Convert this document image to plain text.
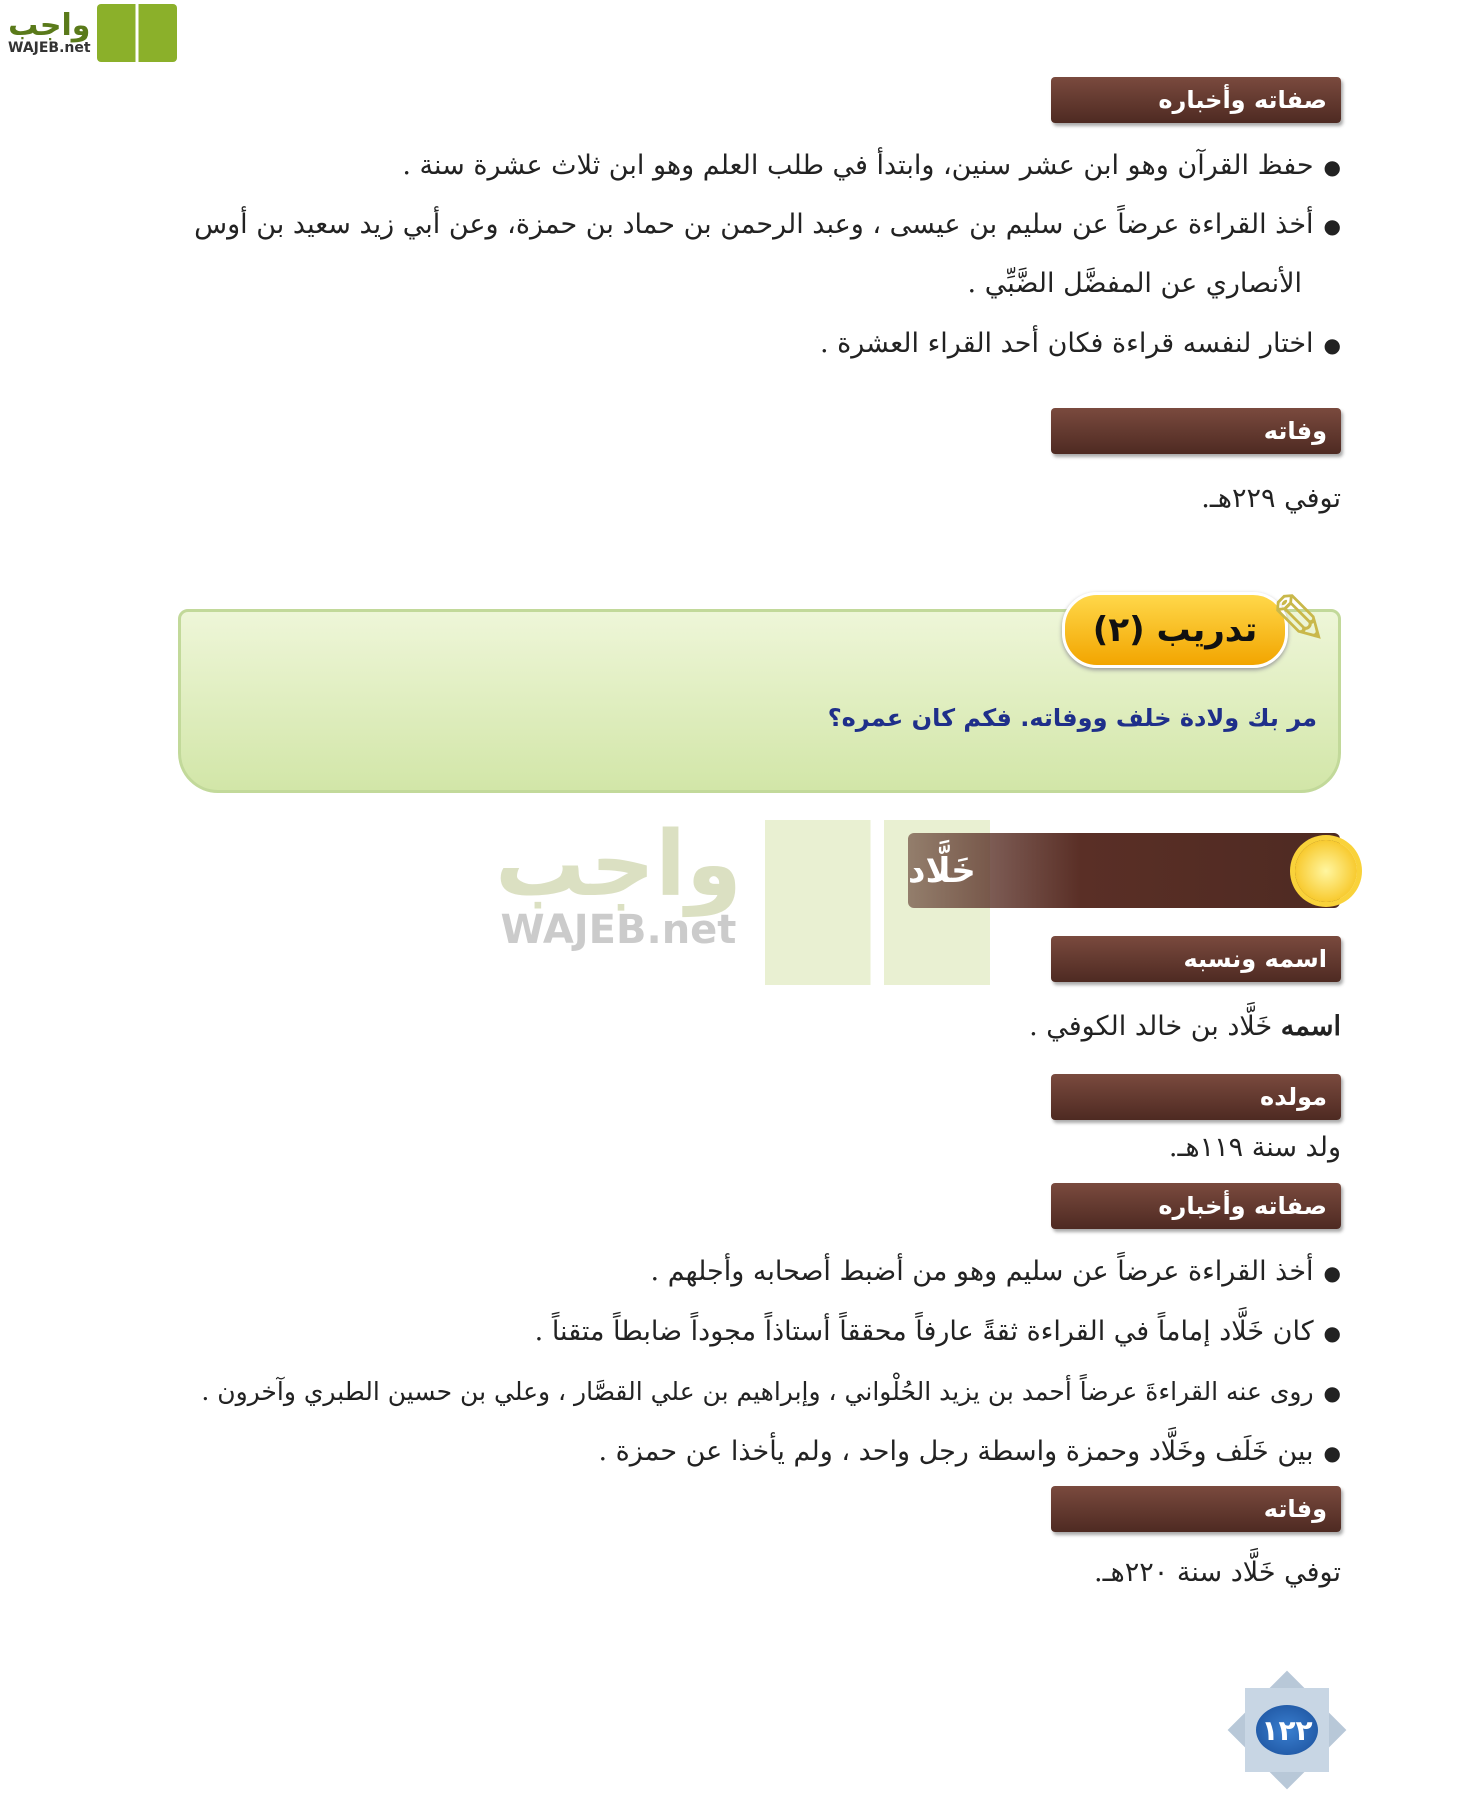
واجب
WAJEB.net
صفاته وأخباره
● حفظ القرآن وهو ابن عشر سنين، وابتدأ في طلب العلم وهو ابن ثلاث عشرة سنة .
● أخذ القراءة عرضاً عن سليم بن عيسى ، وعبد الرحمن بن حماد بن حمزة، وعن أبي زيد سعيد بن أوس
الأنصاري عن المفضَّل الضَّبِّي .
● اختار لنفسه قراءة فكان أحد القراء العشرة .
وفاته
توفي ٢٢٩هـ.
تدريب (٢) ✎
مر بك ولادة خلف ووفاته. فكم كان عمره؟
واجب
WAJEB.net
خَلَّاد
اسمه ونسبه
اسمه خَلَّاد بن خالد الكوفي .
مولده
ولد سنة ١١٩هـ.
صفاته وأخباره
● أخذ القراءة عرضاً عن سليم وهو من أضبط أصحابه وأجلهم .
● كان خَلَّاد إماماً في القراءة ثقةً عارفاً محققاً أستاذاً مجوداً ضابطاً متقناً .
● روى عنه القراءةَ عرضاً أحمد بن يزيد الحُلْواني ، وإبراهيم بن علي القصَّار ، وعلي بن حسين الطبري وآخرون .
● بين خَلَف وخَلَّاد وحمزة واسطة رجل واحد ، ولم يأخذا عن حمزة .
وفاته
توفي خَلَّاد سنة ٢٢٠هـ.
١٢٢
